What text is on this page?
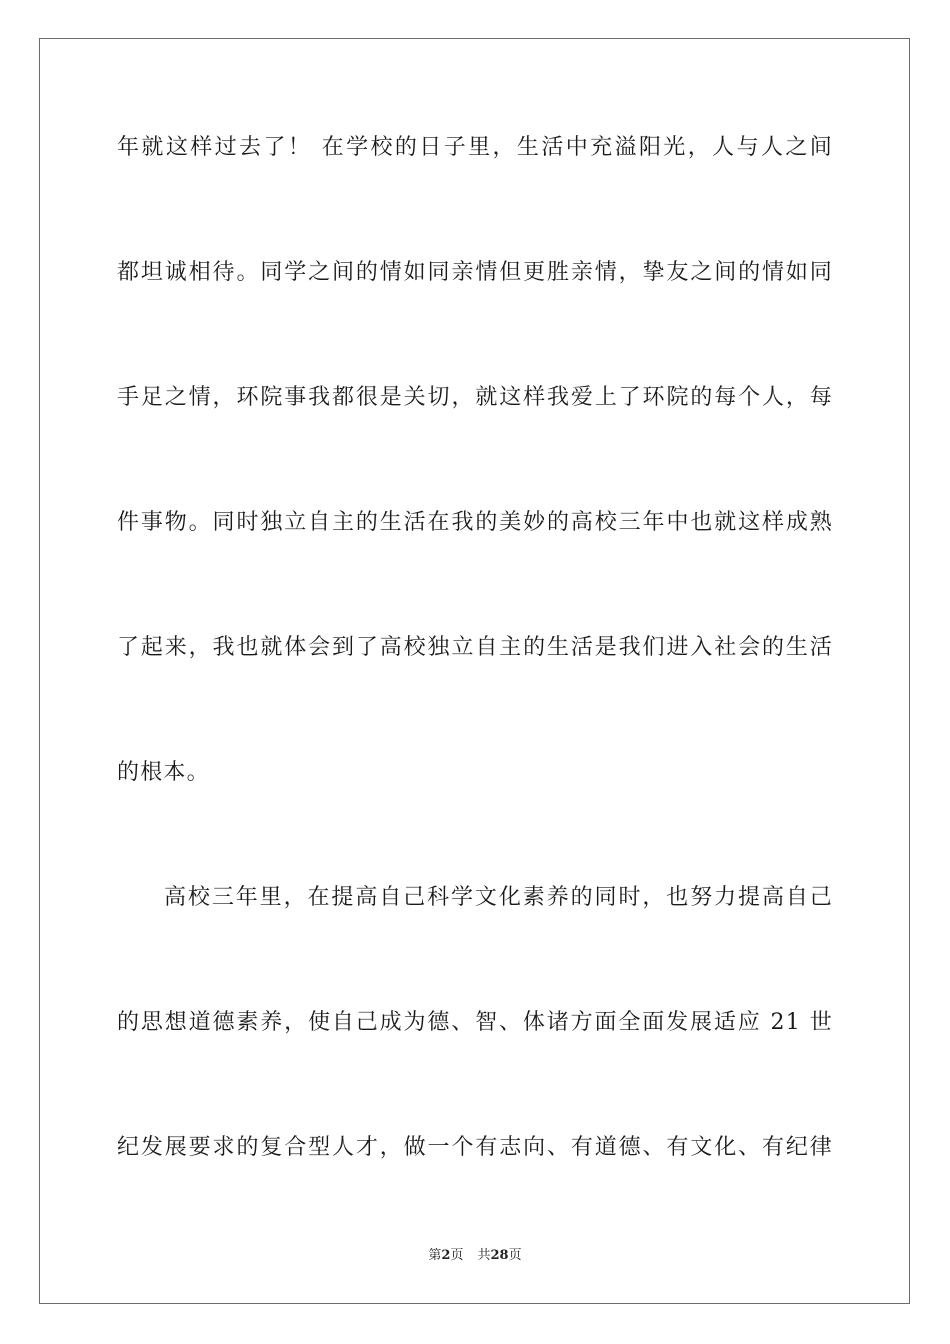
年就这样过去了！ 在学校的日子里，生活中充溢阳光，人与人之间
都坦诚相待。同学之间的情如同亲情但更胜亲情，挚友之间的情如同
手足之情，环院事我都很是关切，就这样我爱上了环院的每个人，每
件事物。同时独立自主的生活在我的美妙的高校三年中也就这样成熟
了起来，我也就体会到了高校独立自主的生活是我们进入社会的生活
的根本。
高校三年里，在提高自己科学文化素养的同时，也努力提高自己
的思想道德素养，使自己成为德、智、体诸方面全面发展适应 21 世
纪发展要求的复合型人才，做一个有志向、有道德、有文化、有纪律
第2页 共28页
